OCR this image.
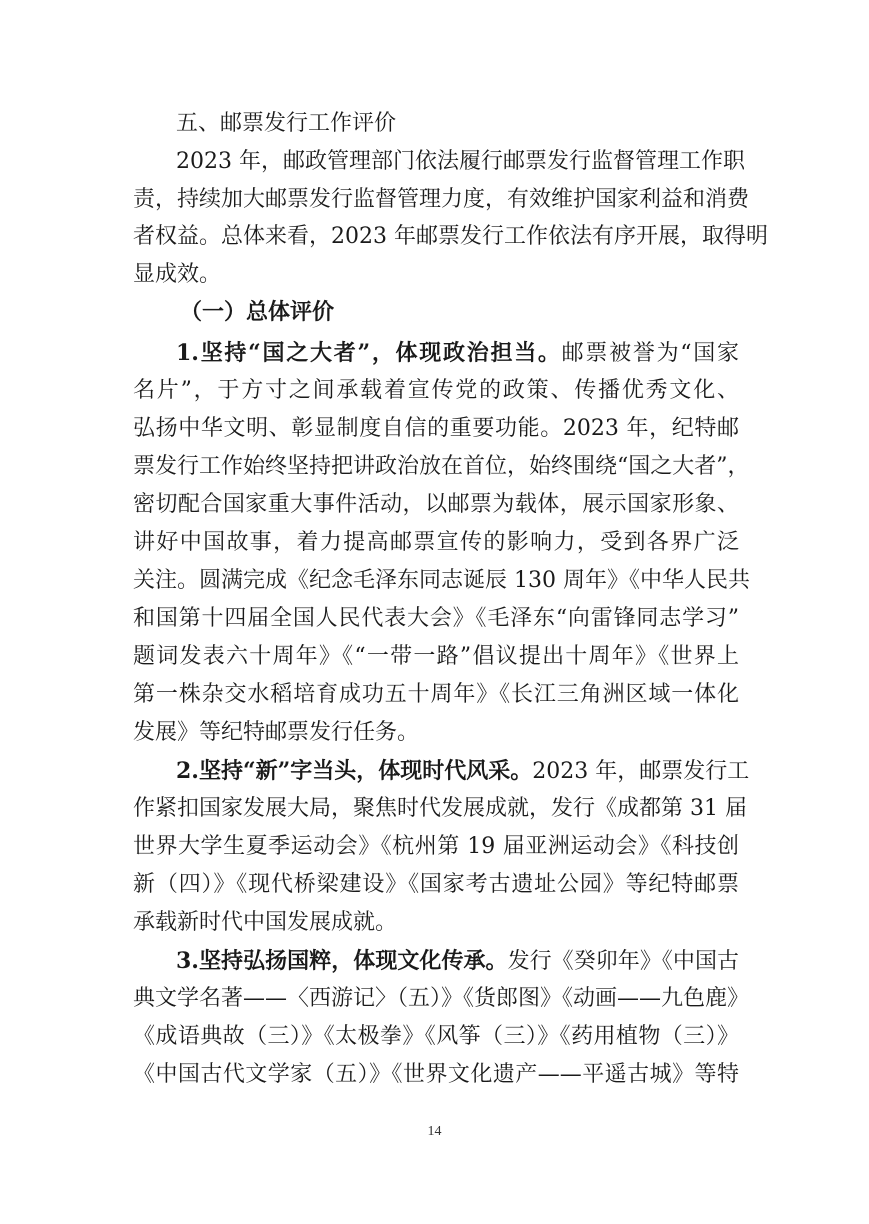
五、邮票发行工作评价
2023 年，邮政管理部门依法履行邮票发行监督管理工作职
责，持续加大邮票发行监督管理力度，有效维护国家利益和消费
者权益。总体来看，2023 年邮票发行工作依法有序开展，取得明
显成效。
（一）总体评价
1.坚持“国之大者”，体现政治担当。邮票被誉为“国家
名片”，于方寸之间承载着宣传党的政策、传播优秀文化、
弘扬中华文明、彰显制度自信的重要功能。2023 年，纪特邮
票发行工作始终坚持把讲政治放在首位，始终围绕“国之大者”，
密切配合国家重大事件活动，以邮票为载体，展示国家形象、
讲好中国故事，着力提高邮票宣传的影响力，受到各界广泛
关注。圆满完成《纪念毛泽东同志诞辰 130 周年》《中华人民共
和国第十四届全国人民代表大会》《毛泽东“向雷锋同志学习”
题词发表六十周年》《“一带一路”倡议提出十周年》《世界上
第一株杂交水稻培育成功五十周年》《长江三角洲区域一体化
发展》等纪特邮票发行任务。
2.坚持“新”字当头，体现时代风采。2023 年，邮票发行工
作紧扣国家发展大局，聚焦时代发展成就，发行《成都第 31 届
世界大学生夏季运动会》《杭州第 19 届亚洲运动会》《科技创
新（四）》《现代桥梁建设》《国家考古遗址公园》等纪特邮票
承载新时代中国发展成就。
3.坚持弘扬国粹，体现文化传承。发行《癸卯年》《中国古
典文学名著——〈西游记〉（五）》《货郎图》《动画——九色鹿》
《成语典故（三）》《太极拳》《风筝（三）》《药用植物（三）》
《中国古代文学家（五）》《世界文化遗产——平遥古城》等特
14
